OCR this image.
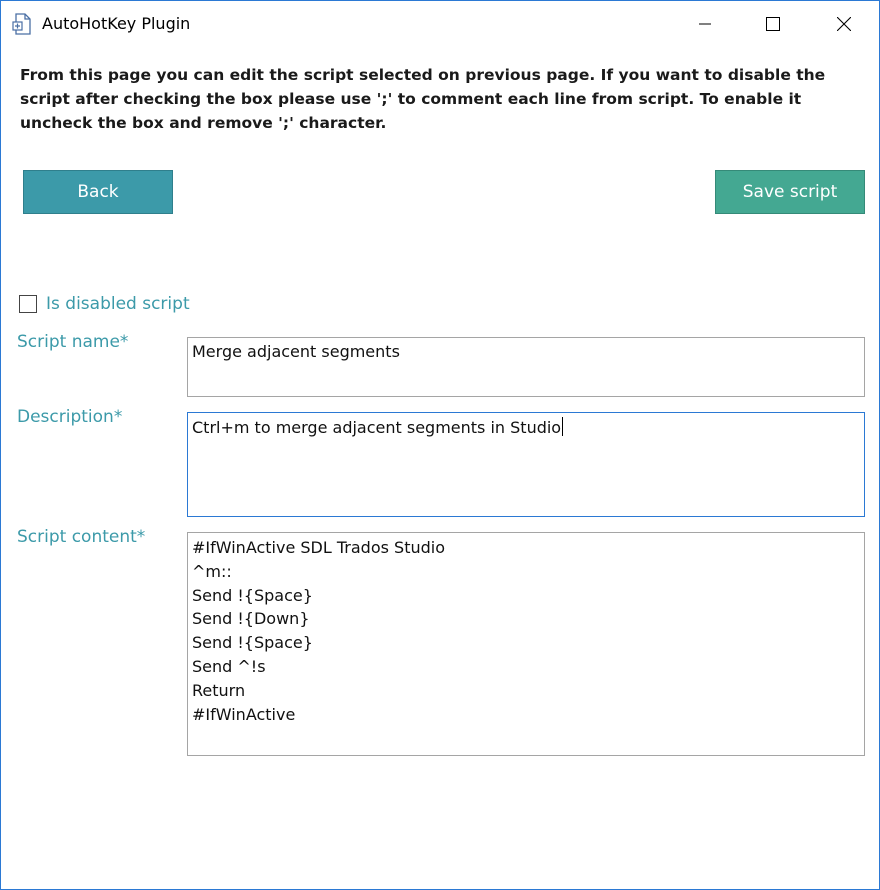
AutoHotKey Plugin
From this page you can edit the script selected on previous page. If you want to disable the script after checking the box please use ';' to comment each line from script. To enable it uncheck the box and remove ';' character.
Back	Save script
Is disabled script
Script name*	Merge adjacent segments
Description*
Ctrl+m to merge adjacent segments in Studio
Script content*
#IfWinActive SDL Trados Studio
^m::
Send !{Space}
Send !{Down}
Send !{Space}
Send ^!s
Return
#IfWinActive
